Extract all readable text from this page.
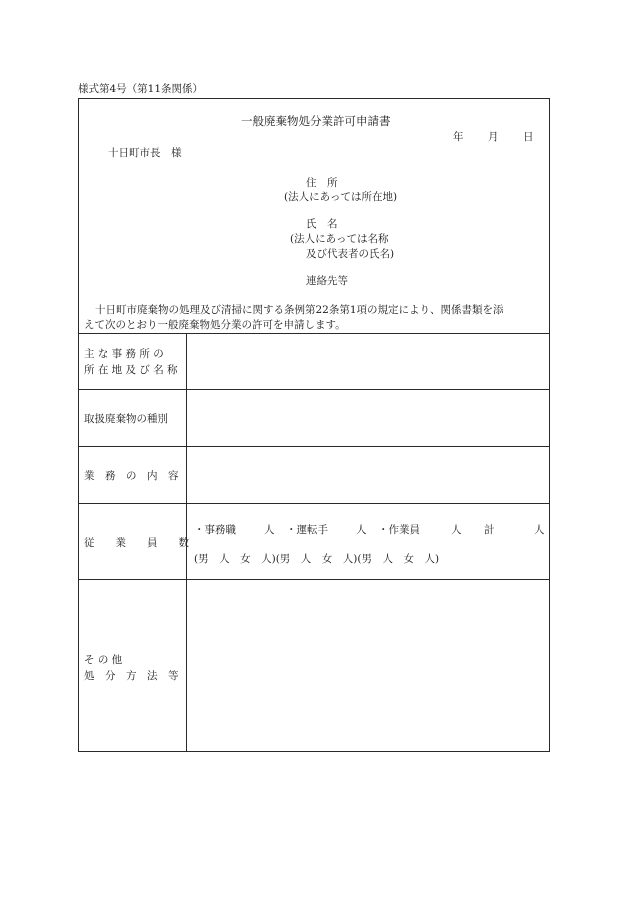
様式第4号（第11条関係）
一般廃棄物処分業許可申請書
年 月 日
十日町市長　様
住　所
(法人にあっては所在地)
氏　名
(法人にあっては名称
及び代表者の氏名)
連絡先等
十日町市廃棄物の処理及び清掃に関する条例第22条第1項の規定により、関係書類を添
えて次のとおり一般廃棄物処分業の許可を申請します。
主 な 事 務 所 の
所 在 地 及 び 名 称
取扱廃棄物の種別
業　務　の　内　容
従　　業　　員　　数
・事務職	人 ・運転手	人 ・作業員	人 計	人
(男　人　女　人)(男　人　女　人)(男　人　女　人)
そ の 他
処　分　方　法　等
